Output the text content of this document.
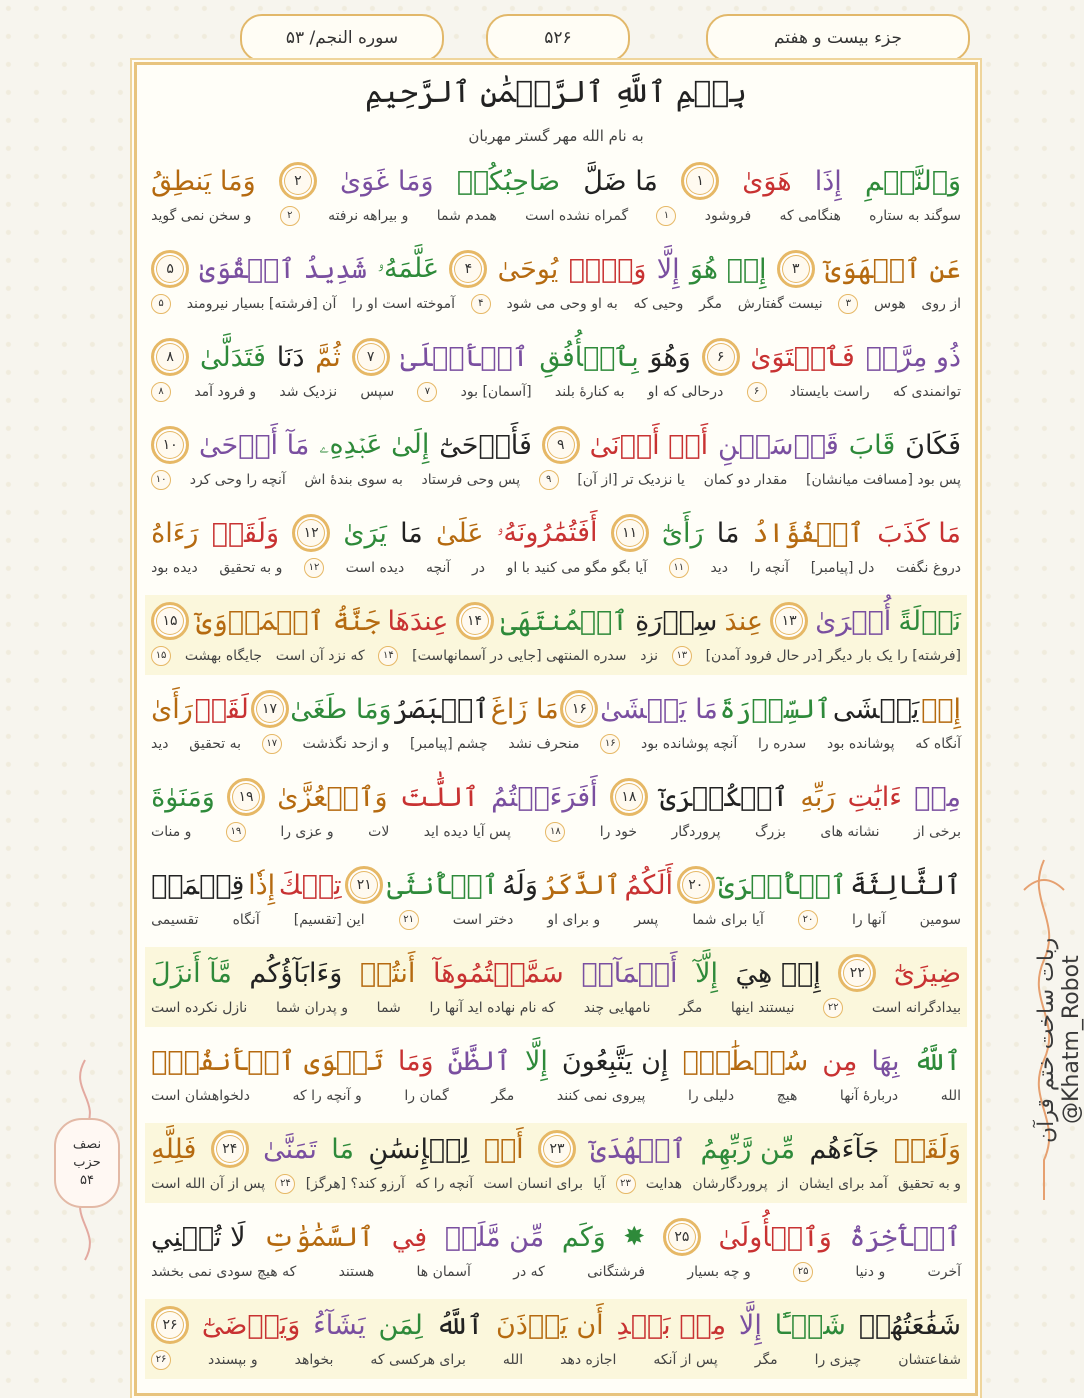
جزء بیست و هفتم
۵۲۶
سوره النجم/ ۵۳
بِسۡمِ ٱللَّهِ ٱلرَّحۡمَٰنِ ٱلرَّحِيمِ
به نام الله مهر گستر مهربان
وَٱلنَّجۡمِ
إِذَا
هَوَىٰ
۱
مَا ضَلَّ
صَاحِبُكُمۡ
وَمَا غَوَىٰ
۲
وَمَا يَنطِقُ
سوگند به ستاره
هنگامی که
فروشود
۱
گمراه نشده است
همدم شما
و بیراهه نرفته
۲
و سخن نمی گوید
عَنِ ٱلۡهَوَىٰٓ
۳
إِنۡ هُوَ
إِلَّا
وَحۡيٞ
يُوحَىٰ
۴
عَلَّمَهُۥ
شَدِيدُ ٱلۡقُوَىٰ
۵
از روی
هوس
۳
نیست گفتارش
مگر
وحیی که
به او وحی می شود
۴
آموخته است او را
آن [فرشته] بسیار نیرومند
۵
ذُو مِرَّةٖ
فَٱسۡتَوَىٰ
۶
وَهُوَ
بِٱلۡأُفُقِ
ٱلۡأَعۡلَىٰ
۷
ثُمَّ
دَنَا
فَتَدَلَّىٰ
۸
توانمندی که
راست بایستاد
۶
درحالی که او
به کنارهٔ بلند
[آسمان] بود
۷
سپس
نزدیک شد
و فرود آمد
۸
فَكَانَ
قَابَ
قَوۡسَيۡنِ
أَوۡ أَدۡنَىٰ
۹
فَأَوۡحَىٰٓ
إِلَىٰ عَبۡدِهِۦ
مَآ أَوۡحَىٰ
۱۰
پس بود [مسافت میانشان]
مقدار دو کمان
یا نزدیک تر [از آن]
۹
پس وحی فرستاد
به سوی بندهٔ اش
آنچه را وحی کرد
۱۰
مَا كَذَبَ
ٱلۡفُؤَادُ
مَا
رَأَىٰٓ
۱۱
أَفَتُمَٰرُونَهُۥ
عَلَىٰ
مَا
يَرَىٰ
۱۲
وَلَقَدۡ
رَءَاهُ
دروغ نگفت
دل [پیامبر]
آنچه را
دید
۱۱
آیا بگو مگو می کنید با او
در
آنچه
دیده است
۱۲
و به تحقیق
دیده بود
نَزۡلَةً
أُخۡرَىٰ
۱۳
عِندَ
سِدۡرَةِ
ٱلۡمُنتَهَىٰ
۱۴
عِندَهَا
جَنَّةُ ٱلۡمَأۡوَىٰٓ
۱۵
[فرشته] را یک بار دیگر [در حال فرود آمدن]
۱۳
نزد
سدره المنتهی [جایی در آسمانهاست]
۱۴
که نزد آن است
جایگاه بهشت
۱۵
إِذۡ
يَغۡشَى
ٱلسِّدۡرَةَ
مَا يَغۡشَىٰ
۱۶
مَا زَاغَ
ٱلۡبَصَرُ
وَمَا طَغَىٰ
۱۷
لَقَدۡ
رَأَىٰ
آنگاه که
پوشانده بود
سدره را
آنچه پوشانده بود
۱۶
منحرف نشد
چشم [پیامبر]
و ازحد نگذشت
۱۷
به تحقیق
دید
مِنۡ
ءَايَٰتِ
رَبِّهِ
ٱلۡكُبۡرَىٰٓ
۱۸
أَفَرَءَيۡتُمُ
ٱللَّٰتَ
وَٱلۡعُزَّىٰ
۱۹
وَمَنَوٰةَ
برخی از
نشانه های
بزرگ
پروردگار
خود را
۱۸
پس آیا دیده اید
لات
و عزی را
۱۹
و منات
ٱلثَّالِثَةَ
ٱلۡأُخۡرَىٰٓ
۲۰
أَلَكُمُ
ٱلذَّكَرُ
وَلَهُ
ٱلۡأُنثَىٰ
۲۱
تِلۡكَ
إِذٗا
قِسۡمَةٞ
سومین
آنها را
۲۰
آیا برای شما
پسر
و برای او
دختر است
۲۱
این [تقسیم]
آنگاه
تقسیمی
ضِيزَىٰٓ
۲۲
إِنۡ هِيَ
إِلَّآ
أَسۡمَآءٞ
سَمَّيۡتُمُوهَآ
أَنتُمۡ
وَءَابَآؤُكُم
مَّآ أَنزَلَ
بیدادگرانه است
۲۲
نیستند اینها
مگر
نامهایی چند
که نام نهاده اید آنها را
شما
و پدران شما
نازل نکرده است
ٱللَّهُ
بِهَا
مِن
سُلۡطَٰنٍۚ
إِن يَتَّبِعُونَ
إِلَّا
ٱلظَّنَّ
وَمَا
تَهۡوَى ٱلۡأَنفُسُۖ
الله
دربارهٔ آنها
هیچ
دلیلی را
پیروی نمی کنند
مگر
گمان را
و آنچه را که
دلخواهشان است
وَلَقَدۡ
جَآءَهُم
مِّن رَّبِّهِمُ
ٱلۡهُدَىٰٓ
۲۳
أَمۡ
لِلۡإِنسَٰنِ
مَا
تَمَنَّىٰ
۲۴
فَلِلَّهِ
و به تحقیق
آمد برای ایشان
از
پروردگارشان
هدایت
۲۳
آیا
برای انسان است
آنچه را که
آرزو کند؟ [هرگز]
۲۴
پس از آن الله است
ٱلۡأٓخِرَةُ
وَٱلۡأُولَىٰ
۲۵
✸
وَكَم
مِّن مَّلَكٖ
فِي
ٱلسَّمَٰوَٰتِ
لَا تُغۡنِي
آخرت
و دنیا
۲۵
و چه بسیار
فرشتگانی
که در
آسمان ها
هستند
که هیچ سودی نمی بخشد
شَفَٰعَتُهُمۡ
شَيۡـًٔا
إِلَّا
مِنۢ بَعۡدِ
أَن يَأۡذَنَ
ٱللَّهُ
لِمَن
يَشَآءُ
وَيَرۡضَىٰٓ
۲۶
شفاعتشان
چیزی را
مگر
پس از آنکه
اجازه دهد
الله
برای هرکسی که
بخواهد
و بپسندد
۲۶
ربات ساخت ختم قرآن @Khatm_Robot
نصف
حزب
۵۴
